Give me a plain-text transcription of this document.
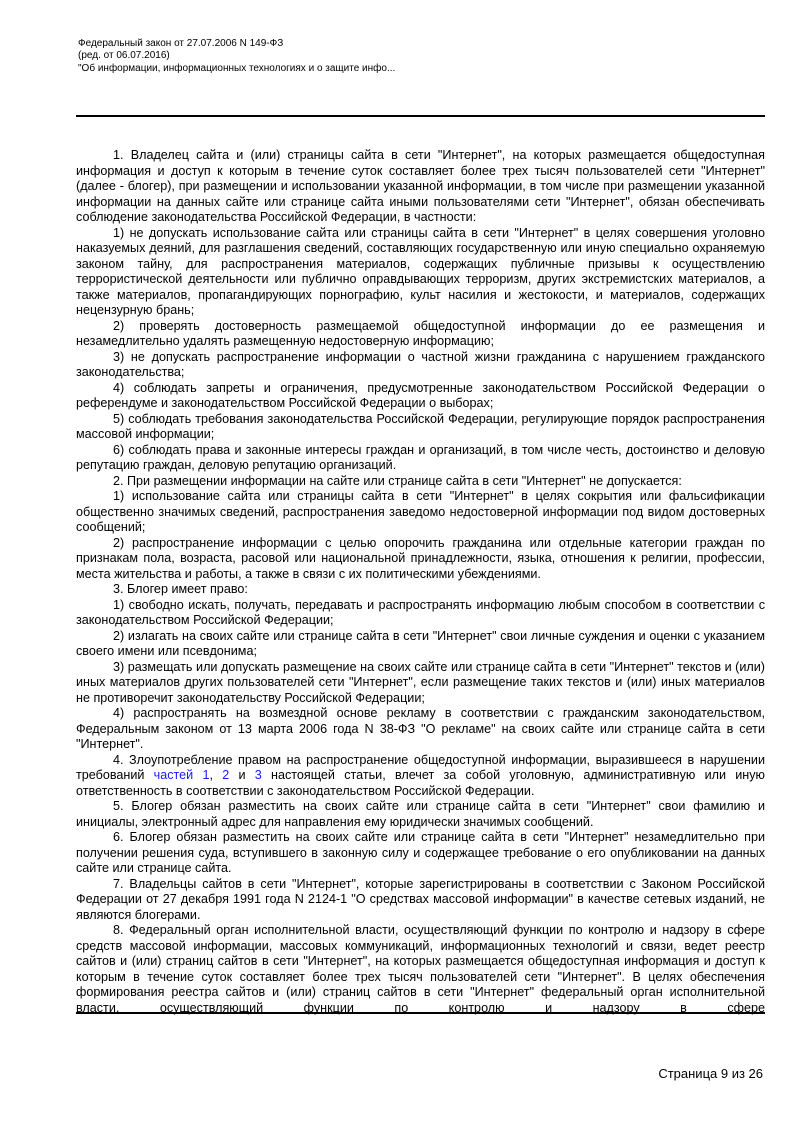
Федеральный закон от 27.07.2006 N 149-ФЗ
(ред. от 06.07.2016)
"Об информации, информационных технологиях и о защите инфо...

1. Владелец сайта и (или) страницы сайта в сети "Интернет", на которых размещается общедоступная информация и доступ к которым в течение суток составляет более трех тысяч пользователей сети "Интернет" (далее - блогер), при размещении и использовании указанной информации, в том числе при размещении указанной информации на данных сайте или странице сайта иными пользователями сети "Интернет", обязан обеспечивать соблюдение законодательства Российской Федерации, в частности:

1) не допускать использование сайта или страницы сайта в сети "Интернет" в целях совершения уголовно наказуемых деяний, для разглашения сведений, составляющих государственную или иную специально охраняемую законом тайну, для распространения материалов, содержащих публичные призывы к осуществлению террористической деятельности или публично оправдывающих терроризм, других экстремистских материалов, а также материалов, пропагандирующих порнографию, культ насилия и жестокости, и материалов, содержащих нецензурную брань;

2) проверять достоверность размещаемой общедоступной информации до ее размещения и незамедлительно удалять размещенную недостоверную информацию;

3) не допускать распространение информации о частной жизни гражданина с нарушением гражданского законодательства;

4) соблюдать запреты и ограничения, предусмотренные законодательством Российской Федерации о референдуме и законодательством Российской Федерации о выборах;

5) соблюдать требования законодательства Российской Федерации, регулирующие порядок распространения массовой информации;

6) соблюдать права и законные интересы граждан и организаций, в том числе честь, достоинство и деловую репутацию граждан, деловую репутацию организаций.

2. При размещении информации на сайте или странице сайта в сети "Интернет" не допускается:

1) использование сайта или страницы сайта в сети "Интернет" в целях сокрытия или фальсификации общественно значимых сведений, распространения заведомо недостоверной информации под видом достоверных сообщений;

2) распространение информации с целью опорочить гражданина или отдельные категории граждан по признакам пола, возраста, расовой или национальной принадлежности, языка, отношения к религии, профессии, места жительства и работы, а также в связи с их политическими убеждениями.

3. Блогер имеет право:

1) свободно искать, получать, передавать и распространять информацию любым способом в соответствии с законодательством Российской Федерации;

2) излагать на своих сайте или странице сайта в сети "Интернет" свои личные суждения и оценки с указанием своего имени или псевдонима;

3) размещать или допускать размещение на своих сайте или странице сайта в сети "Интернет" текстов и (или) иных материалов других пользователей сети "Интернет", если размещение таких текстов и (или) иных материалов не противоречит законодательству Российской Федерации;

4) распространять на возмездной основе рекламу в соответствии с гражданским законодательством, Федеральным законом от 13 марта 2006 года N 38-ФЗ "О рекламе" на своих сайте или странице сайта в сети "Интернет".

4. Злоупотребление правом на распространение общедоступной информации, выразившееся в нарушении требований частей 1, 2 и 3 настоящей статьи, влечет за собой уголовную, административную или иную ответственность в соответствии с законодательством Российской Федерации.

5. Блогер обязан разместить на своих сайте или странице сайта в сети "Интернет" свои фамилию и инициалы, электронный адрес для направления ему юридически значимых сообщений.

6. Блогер обязан разместить на своих сайте или странице сайта в сети "Интернет" незамедлительно при получении решения суда, вступившего в законную силу и содержащее требование о его опубликовании на данных сайте или странице сайта.

7. Владельцы сайтов в сети "Интернет", которые зарегистрированы в соответствии с Законом Российской Федерации от 27 декабря 1991 года N 2124-1 "О средствах массовой информации" в качестве сетевых изданий, не являются блогерами.

8. Федеральный орган исполнительной власти, осуществляющий функции по контролю и надзору в сфере средств массовой информации, массовых коммуникаций, информационных технологий и связи, ведет реестр сайтов и (или) страниц сайтов в сети "Интернет", на которых размещается общедоступная информация и доступ к которым в течение суток составляет более трех тысяч пользователей сети "Интернет". В целях обеспечения формирования реестра сайтов и (или) страниц сайтов в сети "Интернет" федеральный орган исполнительной власти, осуществляющий функции по контролю и надзору в сфере

Страница 9 из 26
